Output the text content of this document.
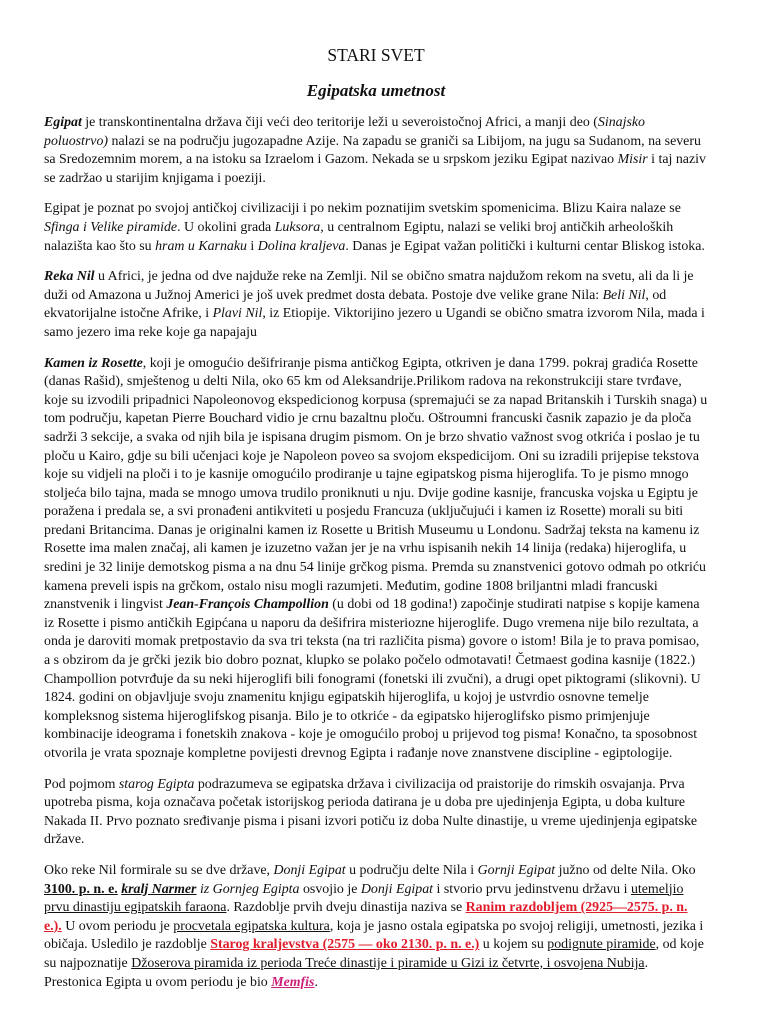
STARI SVET
Egipatska umetnost

Egipat je transkontinentalna država čiji veći deo teritorije leži u severoistočnoj Africi, a manji deo (Sinajsko poluostrvo) nalazi se na području jugozapadne Azije. Na zapadu se graniči sa Libijom, na jugu sa Sudanom, na severu sa Sredozemnim morem, a na istoku sa Izraelom i Gazom. Nekada se u srpskom jeziku Egipat nazivao Misir i taj naziv se zadržao u starijim knjigama i poeziji.

Egipat je poznat po svojoj antičkoj civilizaciji i po nekim poznatijim svetskim spomenicima. Blizu Kaira nalaze se Sfinga i Velike piramide. U okolini grada Luksora, u centralnom Egiptu, nalazi se veliki broj antičkih arheoloških nalazišta kao što su hram u Karnaku i Dolina kraljeva. Danas je Egipat važan politički i kulturni centar Bliskog istoka.

Reka Nil u Africi, je jedna od dve najduže reke na Zemlji. Nil se obično smatra najdužom rekom na svetu, ali da li je duži od Amazona u Južnoj Americi je još uvek predmet dosta debata. Postoje dve velike grane Nila: Beli Nil, od ekvatorijalne istočne Afrike, i Plavi Nil, iz Etiopije. Viktorijino jezero u Ugandi se obično smatra izvorom Nila, mada i samo jezero ima reke koje ga napajaju

Kamen iz Rosette, koji je omogućio dešifriranje pisma antičkog Egipta, otkriven je dana 1799. pokraj gradića Rosette (danas Rašid), smještenog u delti Nila, oko 65 km od Aleksandrije.Prilikom radova na rekonstrukciji stare tvrđave, koje su izvodili pripadnici Napoleonovog ekspedicionog korpusa (spremajući se za napad Britanskih i Turskih snaga) u tom području, kapetan Pierre Bouchard vidio je crnu bazaltnu ploču. Oštroumni francuski časnik zapazio je da ploča sadrži 3 sekcije, a svaka od njih bila je ispisana drugim pismom. On je brzo shvatio važnost svog otkrića i poslao je tu ploču u Kairo, gdje su bili učenjaci koje je Napoleon poveo sa svojom ekspedicijom. Oni su izradili prijepise tekstova koje su vidjeli na ploči i to je kasnije omogućilo prodiranje u tajne egipatskog pisma hijeroglifa. To je pismo mnogo stoljeća bilo tajna, mada se mnogo umova trudilo proniknuti u nju. Dvije godine kasnije, francuska vojska u Egiptu je poražena i predala se, a svi pronađeni antikviteti u posjedu Francuza (uključujući i kamen iz Rosette) morali su biti predani Britancima. Danas je originalni kamen iz Rosette u British Museumu u Londonu. Sadržaj teksta na kamenu iz Rosette ima malen značaj, ali kamen je izuzetno važan jer je na vrhu ispisanih nekih 14 linija (redaka) hijeroglifa, u sredini je 32 linije demotskog pisma a na dnu 54 linije grčkog pisma. Premda su znanstvenici gotovo odmah po otkriću kamena preveli ispis na grčkom, ostalo nisu mogli razumjeti. Međutim, godine 1808 briljantni mladi francuski znanstvenik i lingvist Jean-François Champollion (u dobi od 18 godina!) započinje studirati natpise s kopije kamena iz Rosette i pismo antičkih Egipćana u naporu da dešifrira misteriozne hijeroglife. Dugo vremena nije bilo rezultata, a onda je daroviti momak pretpostavio da sva tri teksta (na tri različita pisma) govore o istom! Bila je to prava pomisao, a s obzirom da je grčki jezik bio dobro poznat, klupko se polako počelo odmotavati! Četmaest godina kasnije (1822.) Champollion potvrđuje da su neki hijeroglifi bili fonogrami (fonetski ili zvučni), a drugi opet piktogrami (slikovni). U 1824. godini on objavljuje svoju znamenitu knjigu egipatskih hijeroglifa, u kojoj je ustvrdio osnovne temelje kompleksnog sistema hijeroglifskog pisanja. Bilo je to otkriće - da egipatsko hijeroglifsko pismo primjenjuje kombinacije ideograma i fonetskih znakova - koje je omogućilo proboj u prijevod tog pisma! Konačno, ta sposobnost otvorila je vrata spoznaje kompletne povijesti drevnog Egipta i rađanje nove znanstvene discipline - egiptologije.

Pod pojmom starog Egipta podrazumeva se egipatska država i civilizacija od praistorije do rimskih osvajanja. Prva upotreba pisma, koja označava početak istorijskog perioda datirana je u doba pre ujedinjenja Egipta, u doba kulture Nakada II. Prvo poznato sređivanje pisma i pisani izvori potiču iz doba Nulte dinastije, u vreme ujedinjenja egipatske države.

Oko reke Nil formirale su se dve države, Donji Egipat u području delte Nila i Gornji Egipat južno od delte Nila. Oko 3100. p. n. e. kralj Narmer iz Gornjeg Egipta osvojio je Donji Egipat i stvorio prvu jedinstvenu državu i utemeljio prvu dinastiju egipatskih faraona. Razdoblje prvih dveju dinastija naziva se Ranim razdobljem (2925—2575. p. n. e.). U ovom periodu je procvetala egipatska kultura, koja je jasno ostala egipatska po svojoj religiji, umetnosti, jezika i običaja. Usledilo je razdoblje Starog kraljevstva (2575 — oko 2130. p. n. e.) u kojem su podignute piramide, od koje su najpoznatije Džoserova piramida iz perioda Treće dinastije i piramide u Gizi iz četvrte, i osvojena Nubija. Prestonica Egipta u ovom periodu je bio Memfis.
